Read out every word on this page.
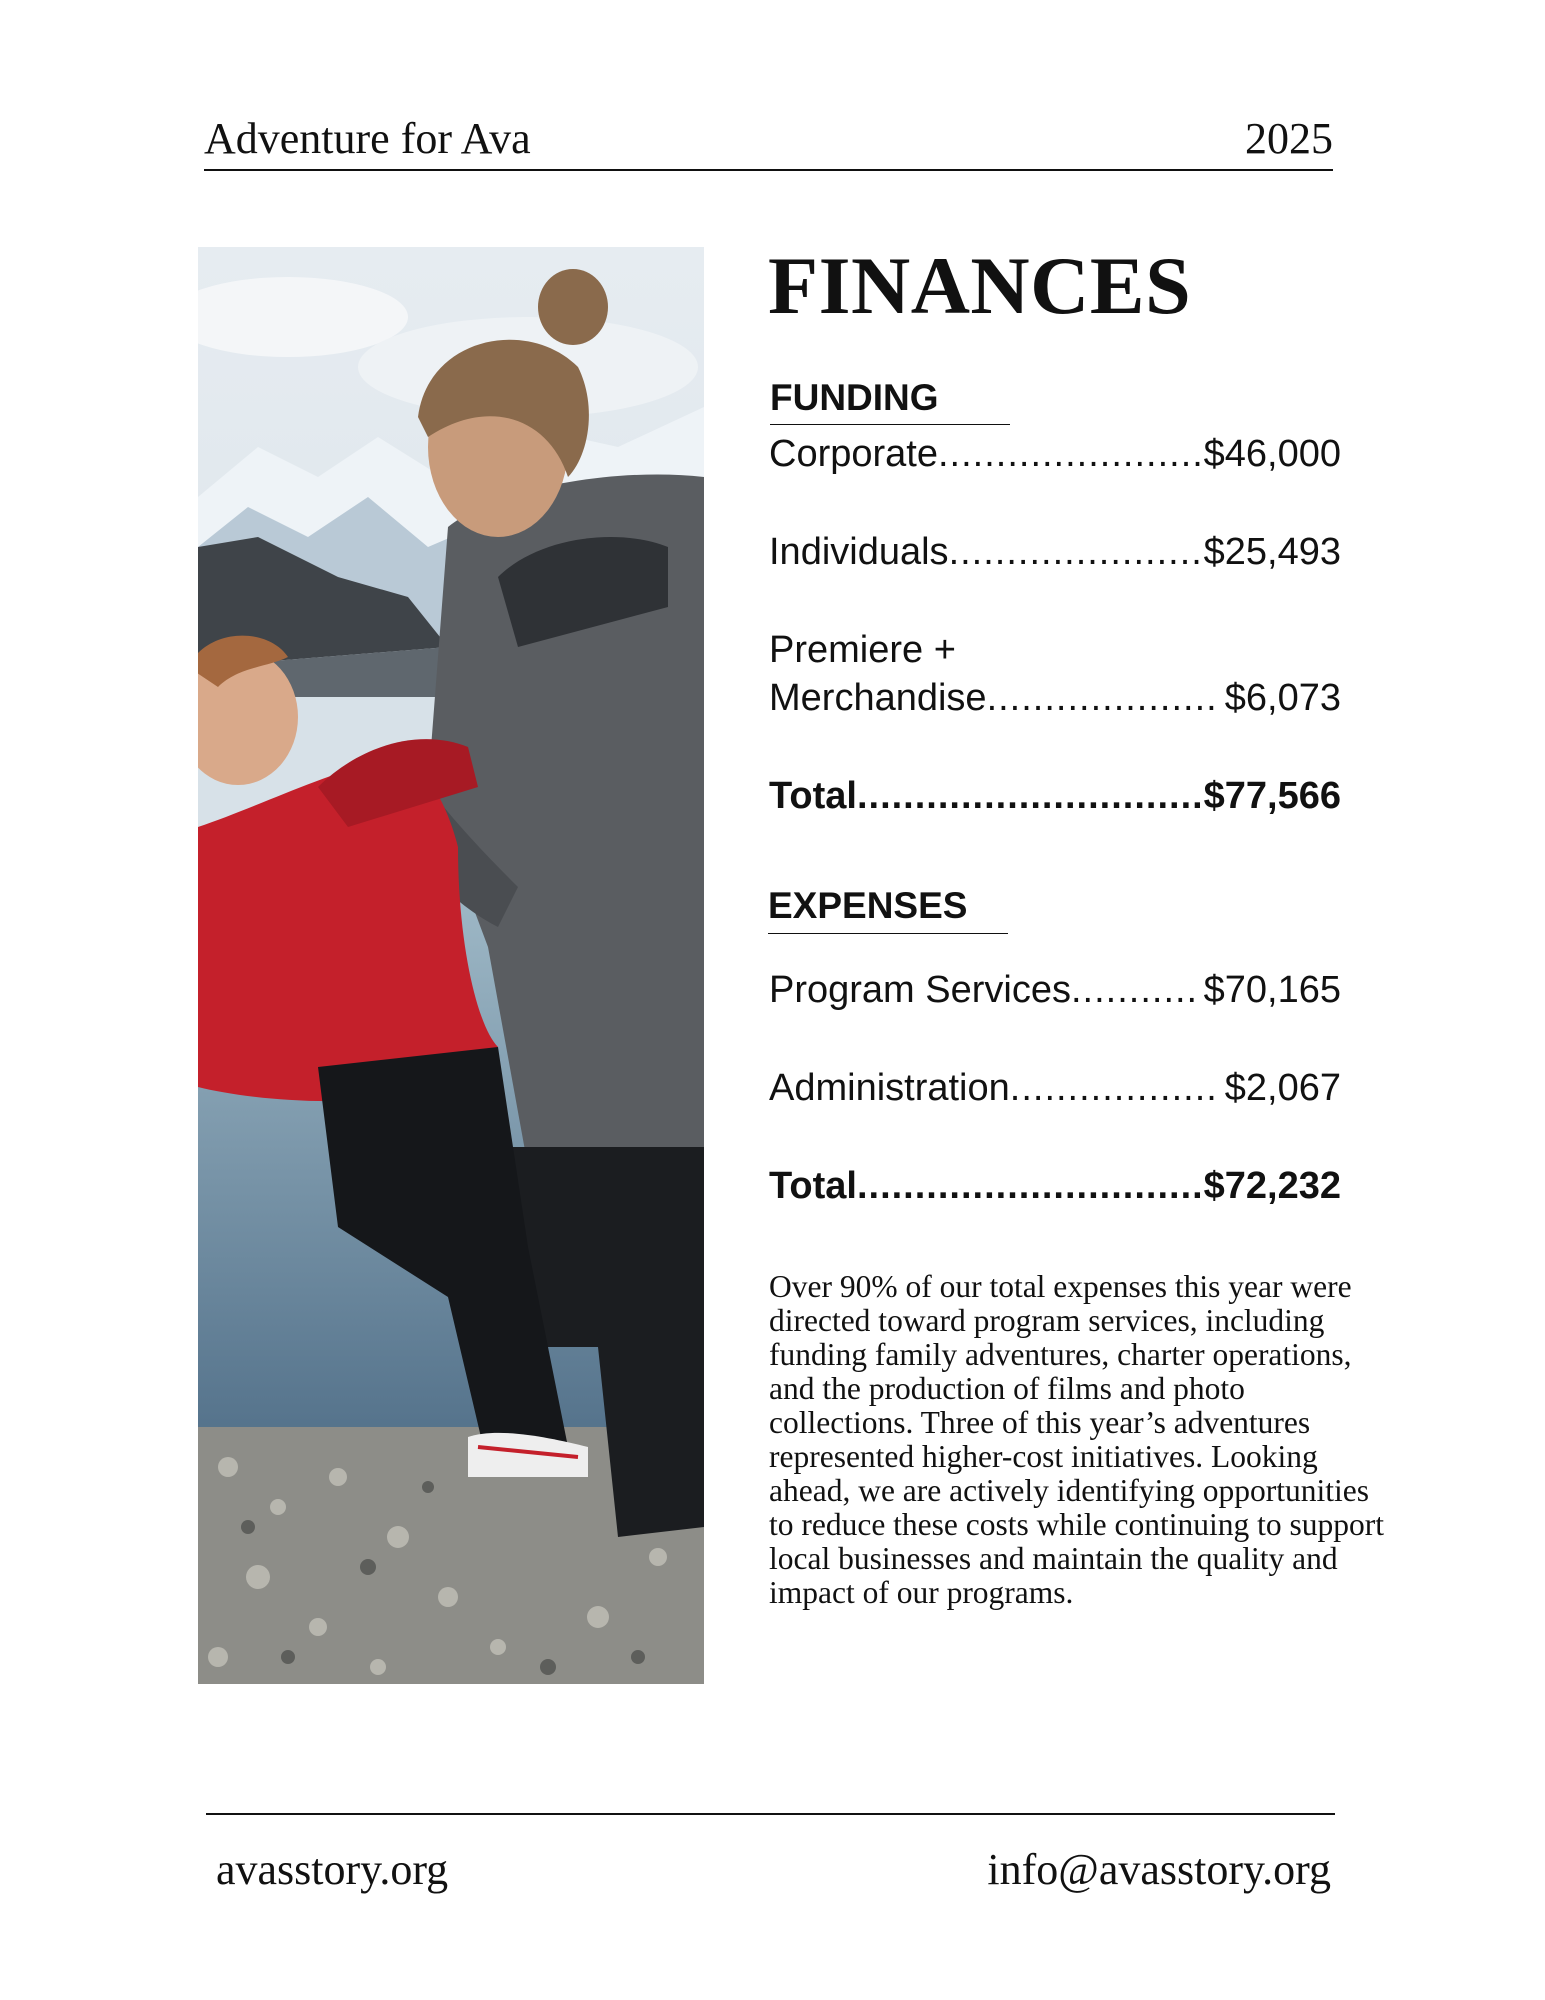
Adventure for Ava	2025
FINANCES
FUNDING
Corporate .....	$46,000
Individuals .....	$25,493
Premiere +
Merchandise .....	$6,073
Total .....	$77,566
EXPENSES
Program Services .....	$70,165
Administration .....	$2,067
Total .....	$72,232
Over 90% of our total expenses this year were directed toward program services, including funding family adventures, charter operations, and the production of films and photo collections. Three of this year’s adventures represented higher-cost initiatives. Looking ahead, we are actively identifying opportunities to reduce these costs while continuing to support local businesses and maintain the quality and impact of our programs.
avasstory.org	info@avasstory.org
